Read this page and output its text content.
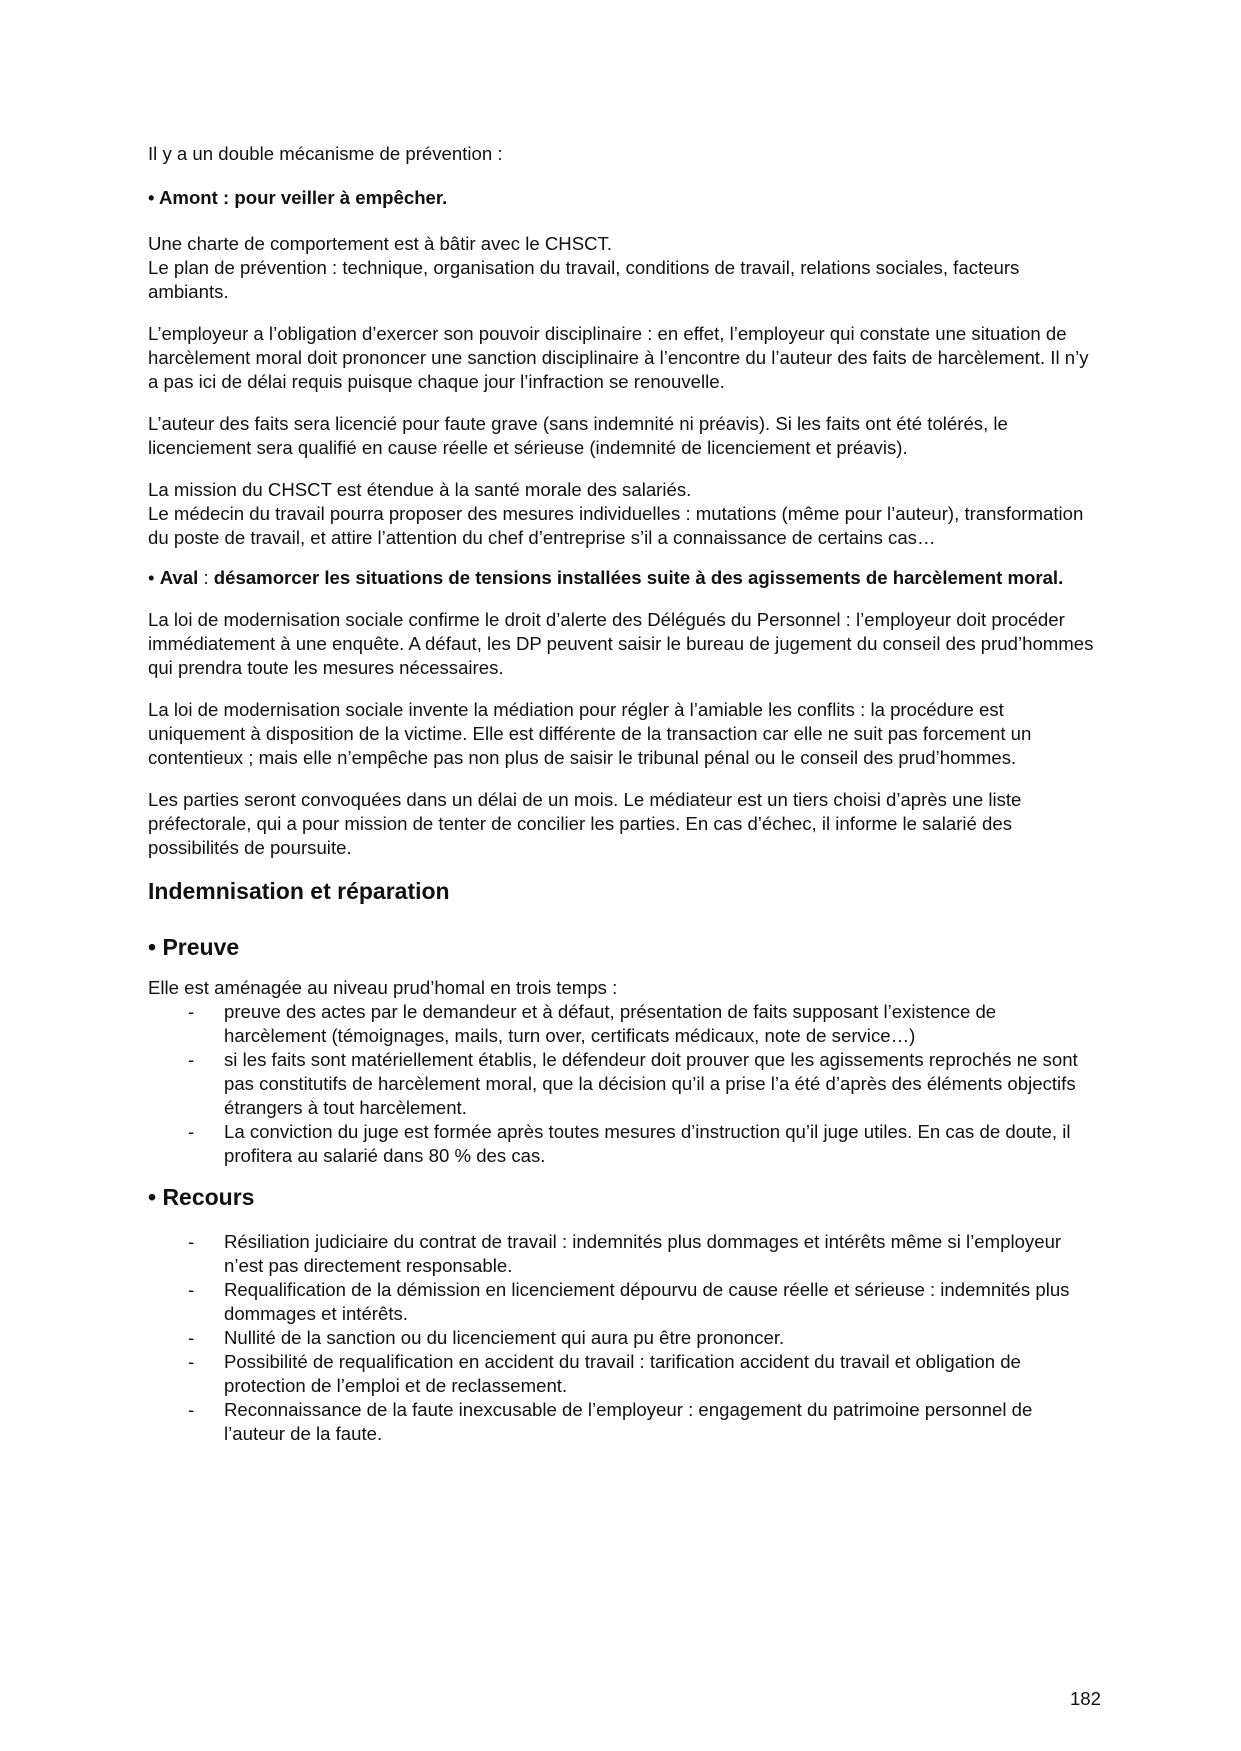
Il y a un double mécanisme de prévention :

• Amont : pour veiller à empêcher.

Une charte de comportement est à bâtir avec le CHSCT.

Le plan de prévention : technique, organisation du travail, conditions de travail, relations sociales, facteurs ambiants.

L’employeur a l’obligation d’exercer son pouvoir disciplinaire : en effet, l’employeur qui constate une situation de harcèlement moral doit prononcer une sanction disciplinaire à l’encontre du l’auteur des faits de harcèlement. Il n’y a pas ici de délai requis puisque chaque jour l’infraction se renouvelle.

L’auteur des faits sera licencié pour faute grave (sans indemnité ni préavis). Si les faits ont été tolérés, le licenciement sera qualifié en cause réelle et sérieuse (indemnité de licenciement et préavis).

La mission du CHSCT est étendue à la santé morale des salariés.

Le médecin du travail pourra proposer des mesures individuelles : mutations (même pour l’auteur), transformation du poste de travail, et attire l’attention du chef d’entreprise s’il a connaissance de certains cas…

• Aval : désamorcer les situations de tensions installées suite à des agissements de harcèlement moral.

La loi de modernisation sociale confirme le droit d’alerte des Délégués du Personnel : l’employeur doit procéder immédiatement à une enquête. A défaut, les DP peuvent saisir le bureau de jugement du conseil des prud’hommes qui prendra toute les mesures nécessaires.

La loi de modernisation sociale invente la médiation pour régler à l’amiable les conflits : la procédure est uniquement à disposition de la victime. Elle est différente de la transaction car elle ne suit pas forcement un contentieux ; mais elle n’empêche pas non plus de saisir le tribunal pénal ou le conseil des prud’hommes.

Les parties seront convoquées dans un délai de un mois. Le médiateur est un tiers choisi d’après une liste préfectorale, qui a pour mission de tenter de concilier les parties. En cas d’échec, il informe le salarié des possibilités de poursuite.

Indemnisation et réparation
• Preuve

Elle est aménagée au niveau prud’homal en trois temps :

- preuve des actes par le demandeur et à défaut, présentation de faits supposant l’existence de harcèlement (témoignages, mails, turn over, certificats médicaux, note de service…)
- si les faits sont matériellement établis, le défendeur doit prouver que les agissements reprochés ne sont pas constitutifs de harcèlement moral, que la décision qu’il a prise l’a été d’après des éléments objectifs étrangers à tout harcèlement.
- La conviction du juge est formée après toutes mesures d’instruction qu’il juge utiles. En cas de doute, il profitera au salarié dans 80 % des cas.
• Recours
- Résiliation judiciaire du contrat de travail : indemnités plus dommages et intérêts même si l’employeur n’est pas directement responsable.
- Requalification de la démission en licenciement dépourvu de cause réelle et sérieuse : indemnités plus dommages et intérêts.
- Nullité de la sanction ou du licenciement qui aura pu être prononcer.
- Possibilité de requalification en accident du travail : tarification accident du travail et obligation de protection de l’emploi et de reclassement.
- Reconnaissance de la faute inexcusable de l’employeur : engagement du patrimoine personnel de l’auteur de la faute.
182
